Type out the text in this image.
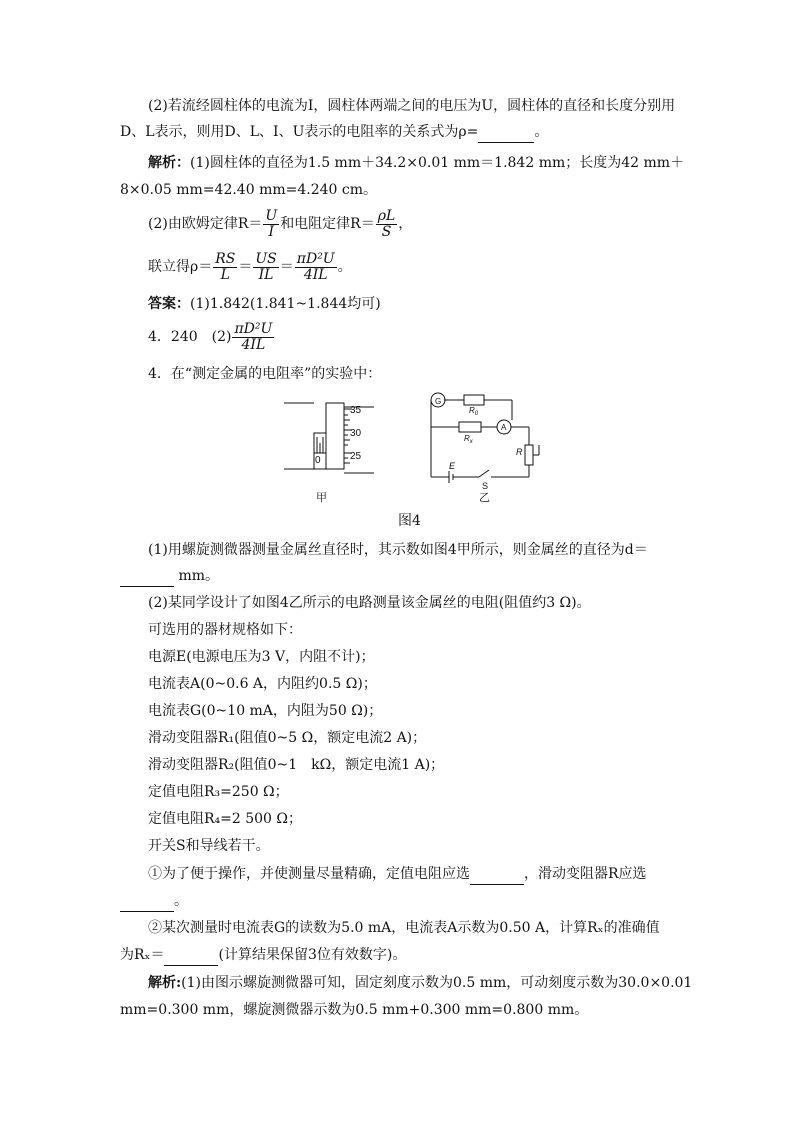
(2)若流经圆柱体的电流为I，圆柱体两端之间的电压为U，圆柱体的直径和长度分别用
D、L表示，则用D、L、I、U表示的电阻率的关系式为ρ=	。
解析：(1)圆柱体的直径为1.5 mm＋34.2×0.01 mm＝1.842 mm；长度为42 mm＋
8×0.05 mm=42.40 mm=4.240 cm。
(2)由欧姆定律$R= \frac{U}{I}$ 和电阻定律$R= \frac{\rho L}{S}$ ，
联立得$\rho= \frac{RS}{L} = \frac{US}{IL} = \frac{\text{πD²U}}{4IL}$ 。
答案：(1)1.842(1.841~1.844均可)
4．240　$(2) \frac{\text{πD²U}}{4IL}$
4．在“测定金属的电阻率”的实验中：
35
30
25
0
甲
G
$R_0$
$R_x$
A
R
E
S
乙
图4
(1)用螺旋测微器测量金属丝直径时，其示数如图4甲所示，则金属丝的直径为d＝
mm。
(2)某同学设计了如图4乙所示的电路测量该金属丝的电阻(阻值约3 Ω)。
可选用的器材规格如下：
电源E(电源电压为3 V，内阻不计)；
电流表A(0~0.6 A，内阻约0.5 Ω)；
电流表G(0~10 mA，内阻为50 Ω)；
滑动变阻器R₁(阻值0~5 Ω，额定电流2 A)；
滑动变阻器R₂(阻值0~1　kΩ，额定电流1 A)；
定值电阻R₃=250 Ω；
定值电阻R₄=2 500 Ω；
开关S和导线若干。
①为了便于操作，并使测量尽量精确，定值电阻应选	，滑动变阻器R应选
。
②某次测量时电流表G的读数为5.0 mA，电流表A示数为0.50 A，计算Rₓ的准确值
为Rₓ＝	(计算结果保留3位有效数字)。
解析:(1)由图示螺旋测微器可知，固定刻度示数为0.5 mm，可动刻度示数为30.0×0.01
mm=0.300 mm，螺旋测微器示数为0.5 mm+0.300 mm=0.800 mm。
